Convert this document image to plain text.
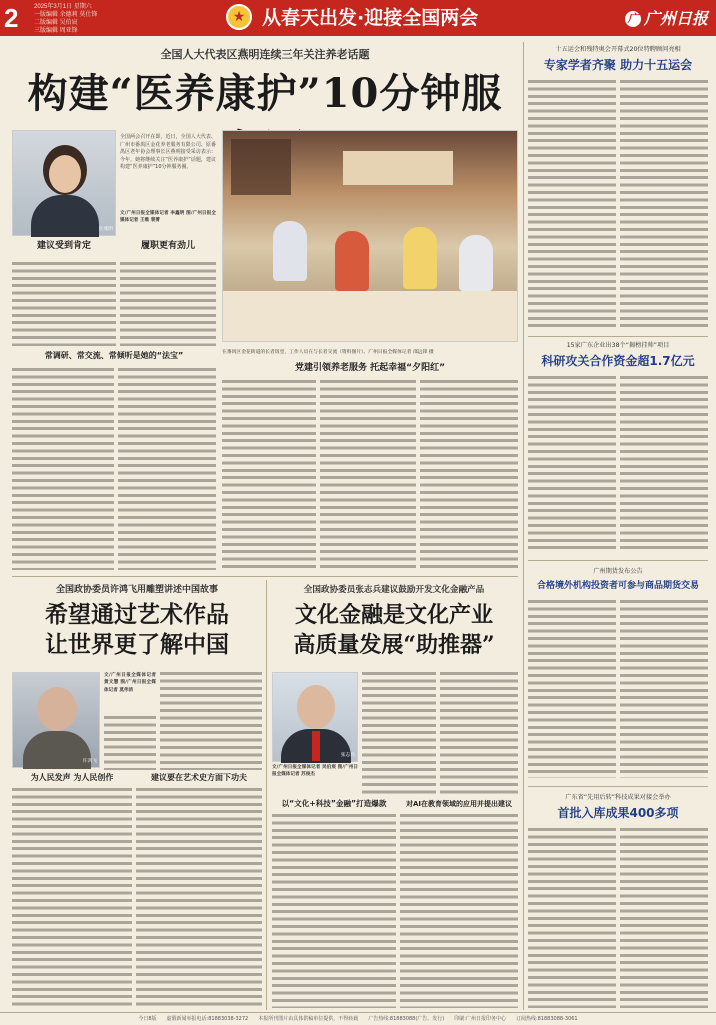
2	2025年3月1日 星期六
一版编辑 余德莉 莫仕锋
二版编辑 吴伯宸
三版编辑 周亚锋
★ 从春天出发·迎接全国两会	广 广州日报

全国人大代表区燕明连续三年关注养老话题

构建“医养康护”10分钟服

区燕明

全国两会召开在即，近日，全国人大代表、广州市番禺区金花养老服务有限公司、原番禺区老年协会理事长区燕明接受采访表示：今年，她将继续关注“医养康护”话题，建议构建“医养康护”10分钟服务圈。

文/广州日报全媒体记者 李鑫明 图/广州日报全媒体记者 王维 裴菁

建议受到肯定	履职更有劲儿

常调研、常交流、常倾听是她的“法宝”	在番禺区金花街道的长者饭堂，工作人员在与长者交流（资料图片）。广州日报全媒体记者 邵远锋 摄

党建引领养老服务 托起幸福“夕阳红”

全国政协委员许鸿飞用雕塑讲述中国故事

希望通过艺术作品

让世界更了解中国

许鸿飞

文/广州日报全媒体记者 黄文慧 图/广州日报全媒体记者 莫伟浓

为人民发声 为人民创作	建议要在艺术史方面下功夫

全国政协委员张志兵建议鼓励开发文化金融产品

文化金融是文化产业

高质量发展“助推器”

张志兵

文/广州日报全媒体记者 吴伯宸 图/广州日报全媒体记者 苏俊杰

以“文化+科技”金融”打造爆款	对AI在教育领域的应用并提出建议

十五运会和残特奥会开幕式20位特聘顾问亮相

专家学者齐聚 助力十五运会

15家广东企业出38个“揭榜挂帅”项目

科研攻关合作资金超1.7亿元

广州期货发布公告

合格境外机构投资者可参与商品期货交易

广东省“先用后转”科技成果对接会举办

首批入库成果400多项

今日8版　　虚假新闻举报电话:81883038-3272　　本报所刊图片由具体供稿单位提供，不得转载　　广告热线:81883088(广告、发行)　　印刷:广州日报印务中心　　订阅热线:81883088-3061
